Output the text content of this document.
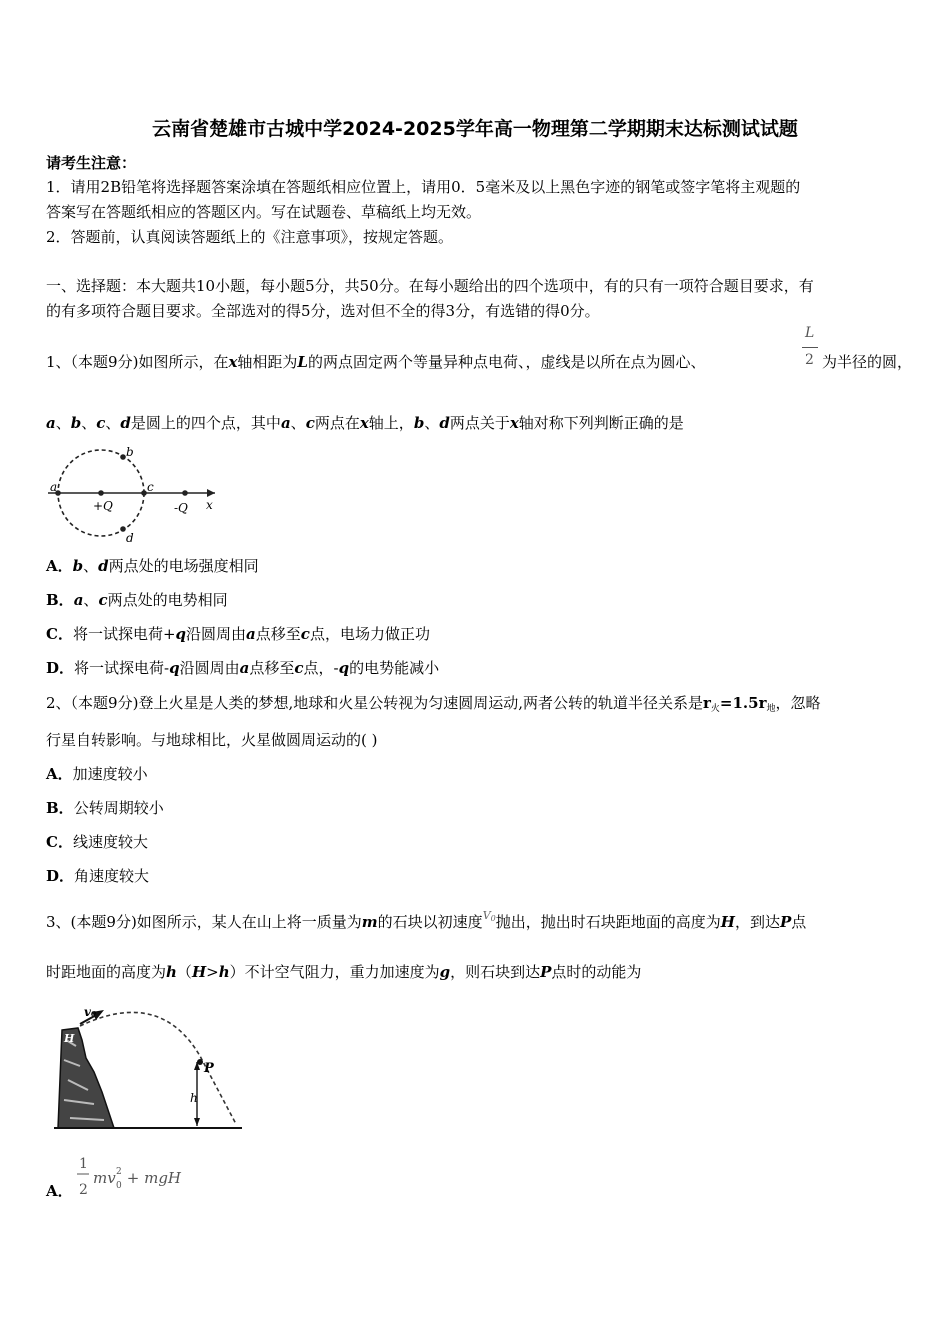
云南省楚雄市古城中学2024-2025学年高一物理第二学期期末达标测试试题
请考生注意：
1．请用2B铅笔将选择题答案涂填在答题纸相应位置上，请用0．5毫米及以上黑色字迹的钢笔或签字笔将主观题的
答案写在答题纸相应的答题区内。写在试题卷、草稿纸上均无效。
2．答题前，认真阅读答题纸上的《注意事项》，按规定答题。
一、选择题：本大题共10小题，每小题5分，共50分。在每小题给出的四个选项中，有的只有一项符合题目要求，有
的有多项符合题目要求。全部选对的得5分，选对但不全的得3分，有选错的得0分。
1、（本题9分)如图所示，在x轴相距为L的两点固定两个等量异种点电荷、，虚线是以所在点为圆心、
L
2 为半径的圆，
a、b、c、d是圆上的四个点，其中a、c两点在x轴上，b、d两点关于x轴对称下列判断正确的是
a
b
c
d
+Q	-Q x
A．b、d两点处的电场强度相同
B．a、c两点处的电势相同
C．将一试探电荷+q沿圆周由a点移至c点，电场力做正功
D．将一试探电荷-q沿圆周由a点移至c点，-q的电势能减小
2、（本题9分)登上火星是人类的梦想,地球和火星公转视为匀速圆周运动,两者公转的轨道半径关系是$r_火=1.5r_地$，忽略
行星自转影响。与地球相比，火星做圆周运动的( )
A．加速度较小
B．公转周期较小
C．线速度较大
D．角速度较大
3、(本题9分)如图所示，某人在山上将一质量为m的石块以初速度$^{V0}$抛出，抛出时石块距地面的高度为H，到达P点
时距地面的高度为h（H>h）不计空气阻力，重力加速度为g，则石块到达P点时的动能为
v₀
P
H
h
A．
1
2
mv 2
0 + mgH
